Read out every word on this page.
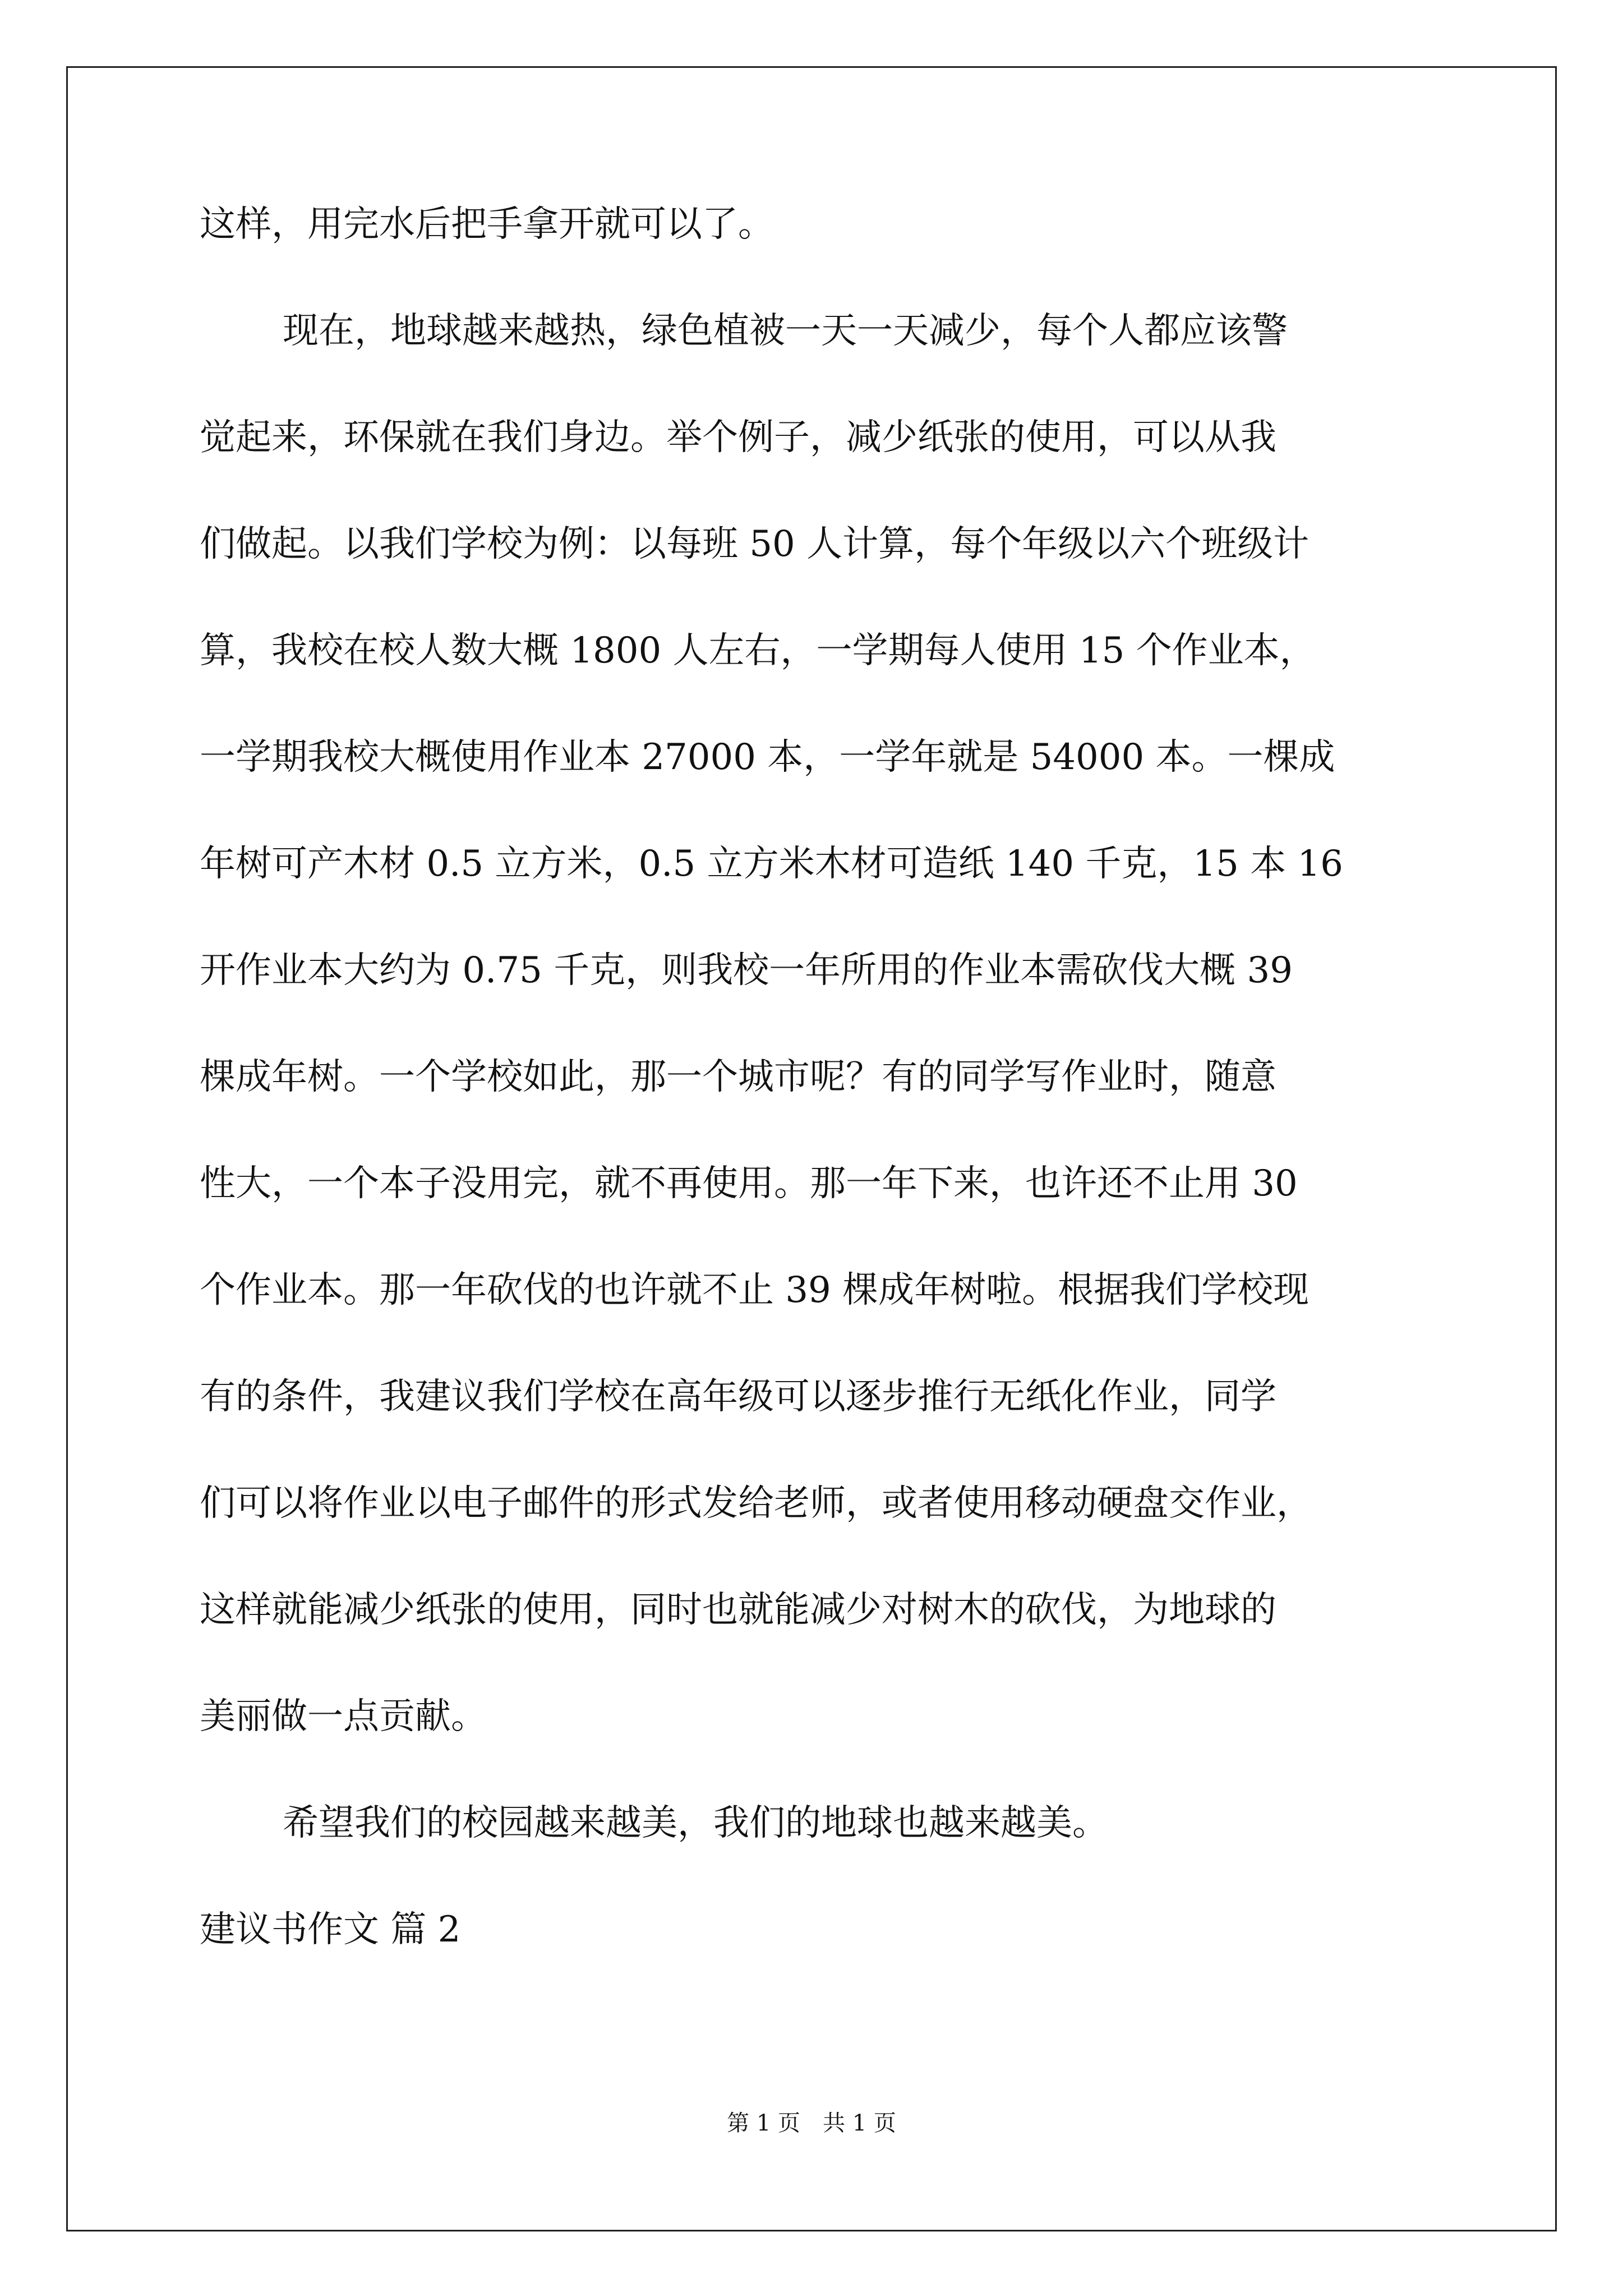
这样，用完水后把手拿开就可以了。
现在，地球越来越热，绿色植被一天一天减少，每个人都应该警
觉起来，环保就在我们身边。举个例子，减少纸张的使用，可以从我
们做起。以我们学校为例：以每班 50 人计算，每个年级以六个班级计
算，我校在校人数大概 1800 人左右，一学期每人使用 15 个作业本，
一学期我校大概使用作业本 27000 本，一学年就是 54000 本。一棵成
年树可产木材 0.5 立方米，0.5 立方米木材可造纸 140 千克，15 本 16
开作业本大约为 0.75 千克，则我校一年所用的作业本需砍伐大概 39
棵成年树。一个学校如此，那一个城市呢？有的同学写作业时，随意
性大，一个本子没用完，就不再使用。那一年下来，也许还不止用 30
个作业本。那一年砍伐的也许就不止 39 棵成年树啦。根据我们学校现
有的条件，我建议我们学校在高年级可以逐步推行无纸化作业，同学
们可以将作业以电子邮件的形式发给老师，或者使用移动硬盘交作业，
这样就能减少纸张的使用，同时也就能减少对树木的砍伐，为地球的
美丽做一点贡献。
希望我们的校园越来越美，我们的地球也越来越美。
建议书作文 篇 2
第 1 页　共 1 页
